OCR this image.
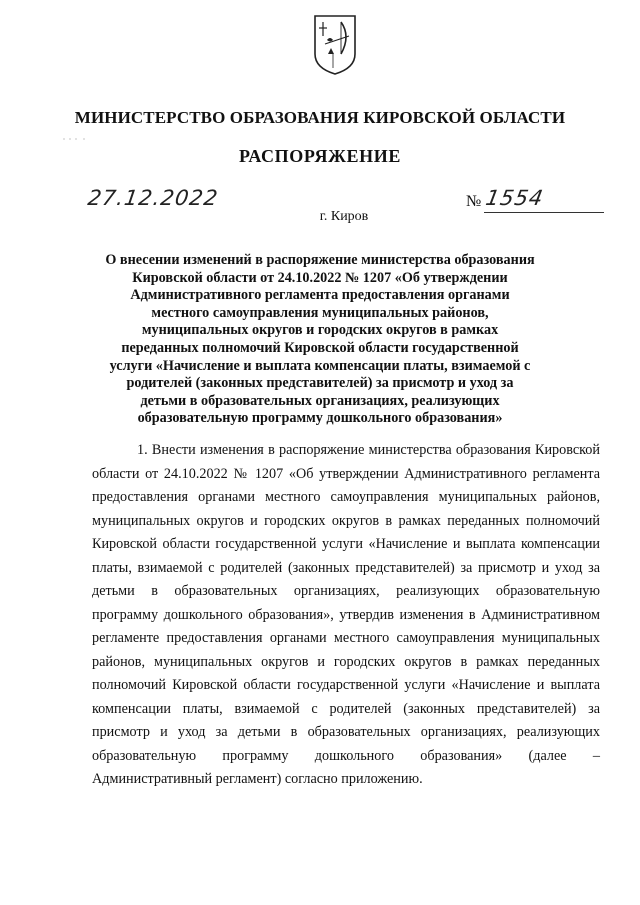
МИНИСТЕРСТВО ОБРАЗОВАНИЯ КИРОВСКОЙ ОБЛАСТИ
РАСПОРЯЖЕНИЕ
27.12.2022	№ 1554
г. Киров
О внесении изменений в распоряжение министерства образования Кировской области от 24.10.2022 № 1207 «Об утверждении Административного регламента предоставления органами местного самоуправления муниципальных районов, муниципальных округов и городских округов в рамках переданных полномочий Кировской области государственной услуги «Начисление и выплата компенсации платы, взимаемой с родителей (законных представителей) за присмотр и уход за детьми в образовательных организациях, реализующих образовательную программу дошкольного образования»
1. Внести изменения в распоряжение министерства образования Кировской области от 24.10.2022 № 1207 «Об утверждении Административного регламента предоставления органами местного самоуправления муниципальных районов, муниципальных округов и городских округов в рамках переданных полномочий Кировской области государственной услуги «Начисление и выплата компенсации платы, взимаемой с родителей (законных представителей) за присмотр и уход за детьми в образовательных организациях, реализующих образовательную программу дошкольного образования», утвердив изменения в Административном регламенте предоставления органами местного самоуправления муниципальных районов, муниципальных округов и городских округов в рамках переданных полномочий Кировской области государственной услуги «Начисление и выплата компенсации платы, взимаемой с родителей (законных представителей) за присмотр и уход за детьми в образовательных организациях, реализующих образовательную программу дошкольного образования» (далее – Административный регламент) согласно приложению.
